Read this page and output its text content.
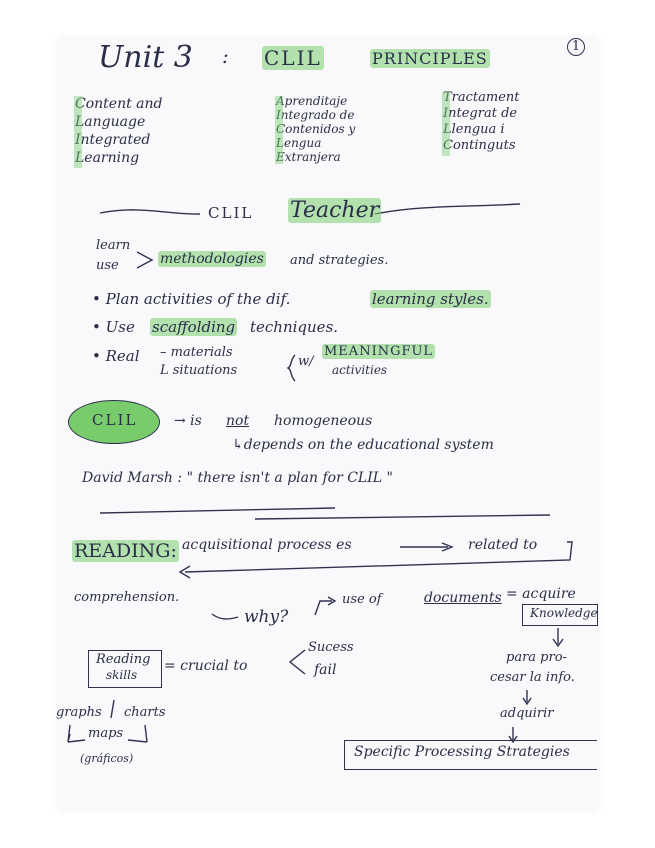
1
Unit 3 : CLIL	PRINCIPLES
Content and
Language
Integrated
Learning
Aprenditaje
Integrado de
Contenidos y
Lengua
Extranjera
Tractament
Integrat de
Llengua i
Continguts
CLIL Teacher
learn
use	methodologies and strategies.
• Plan activities of the dif.	learning styles.
• Use scaffolding techniques.
• Real – materials
L situations
w/
MEANINGFUL
activities
CLIL	→ is not homogeneous
↳depends on the educational system
David Marsh : " there isn't a plan for CLIL "
READING: acquisitional process es	related to
comprehension.
why?
use of	documents = acquire
Knowledge
Reading
skills
= crucial to
Sucess
fail
para pro-
cesar la info.
adquirir
Specific Processing Strategies
graphs charts
maps
(gráficos)
